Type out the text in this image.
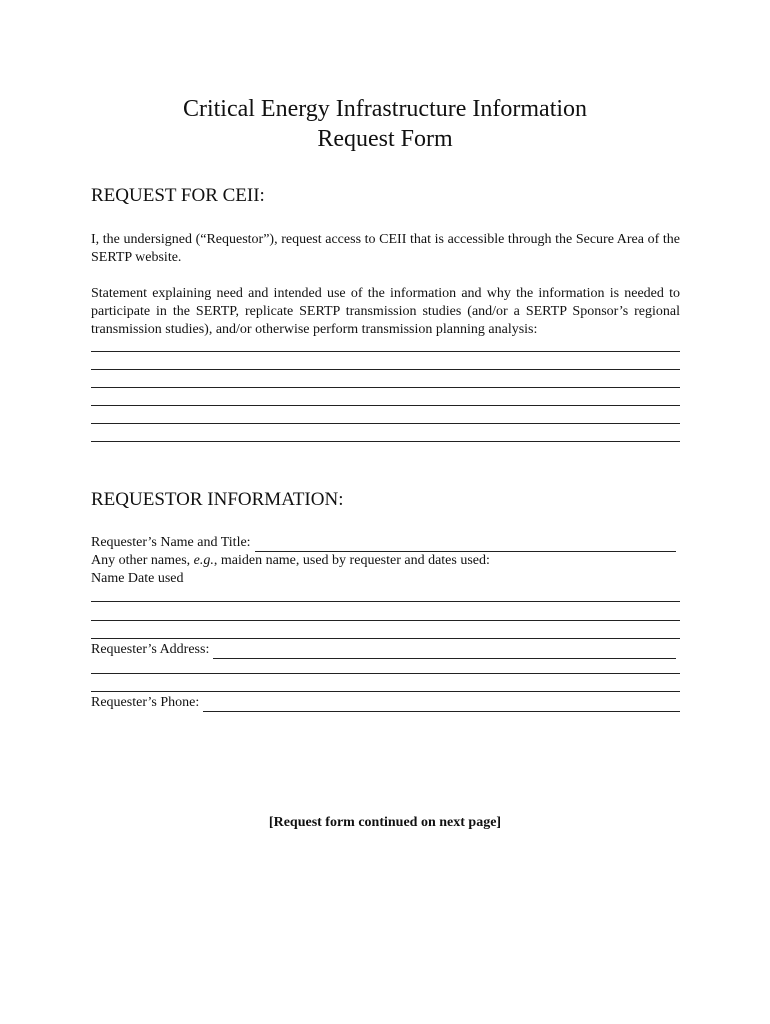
Critical Energy Infrastructure Information
Request Form
REQUEST FOR CEII:
I, the undersigned (“Requestor”), request access to CEII that is accessible through the Secure Area of the SERTP website.
Statement explaining need and intended use of the information and why the information is needed to participate in the SERTP, replicate SERTP transmission studies (and/or a SERTP Sponsor’s regional transmission studies), and/or otherwise perform transmission planning analysis:
REQUESTOR INFORMATION:
Requester’s Name and Title:
Any other names, e.g., maiden name, used by requester and dates used:
Name Date used
Requester’s Address:
Requester’s Phone:
[Request form continued on next page]
